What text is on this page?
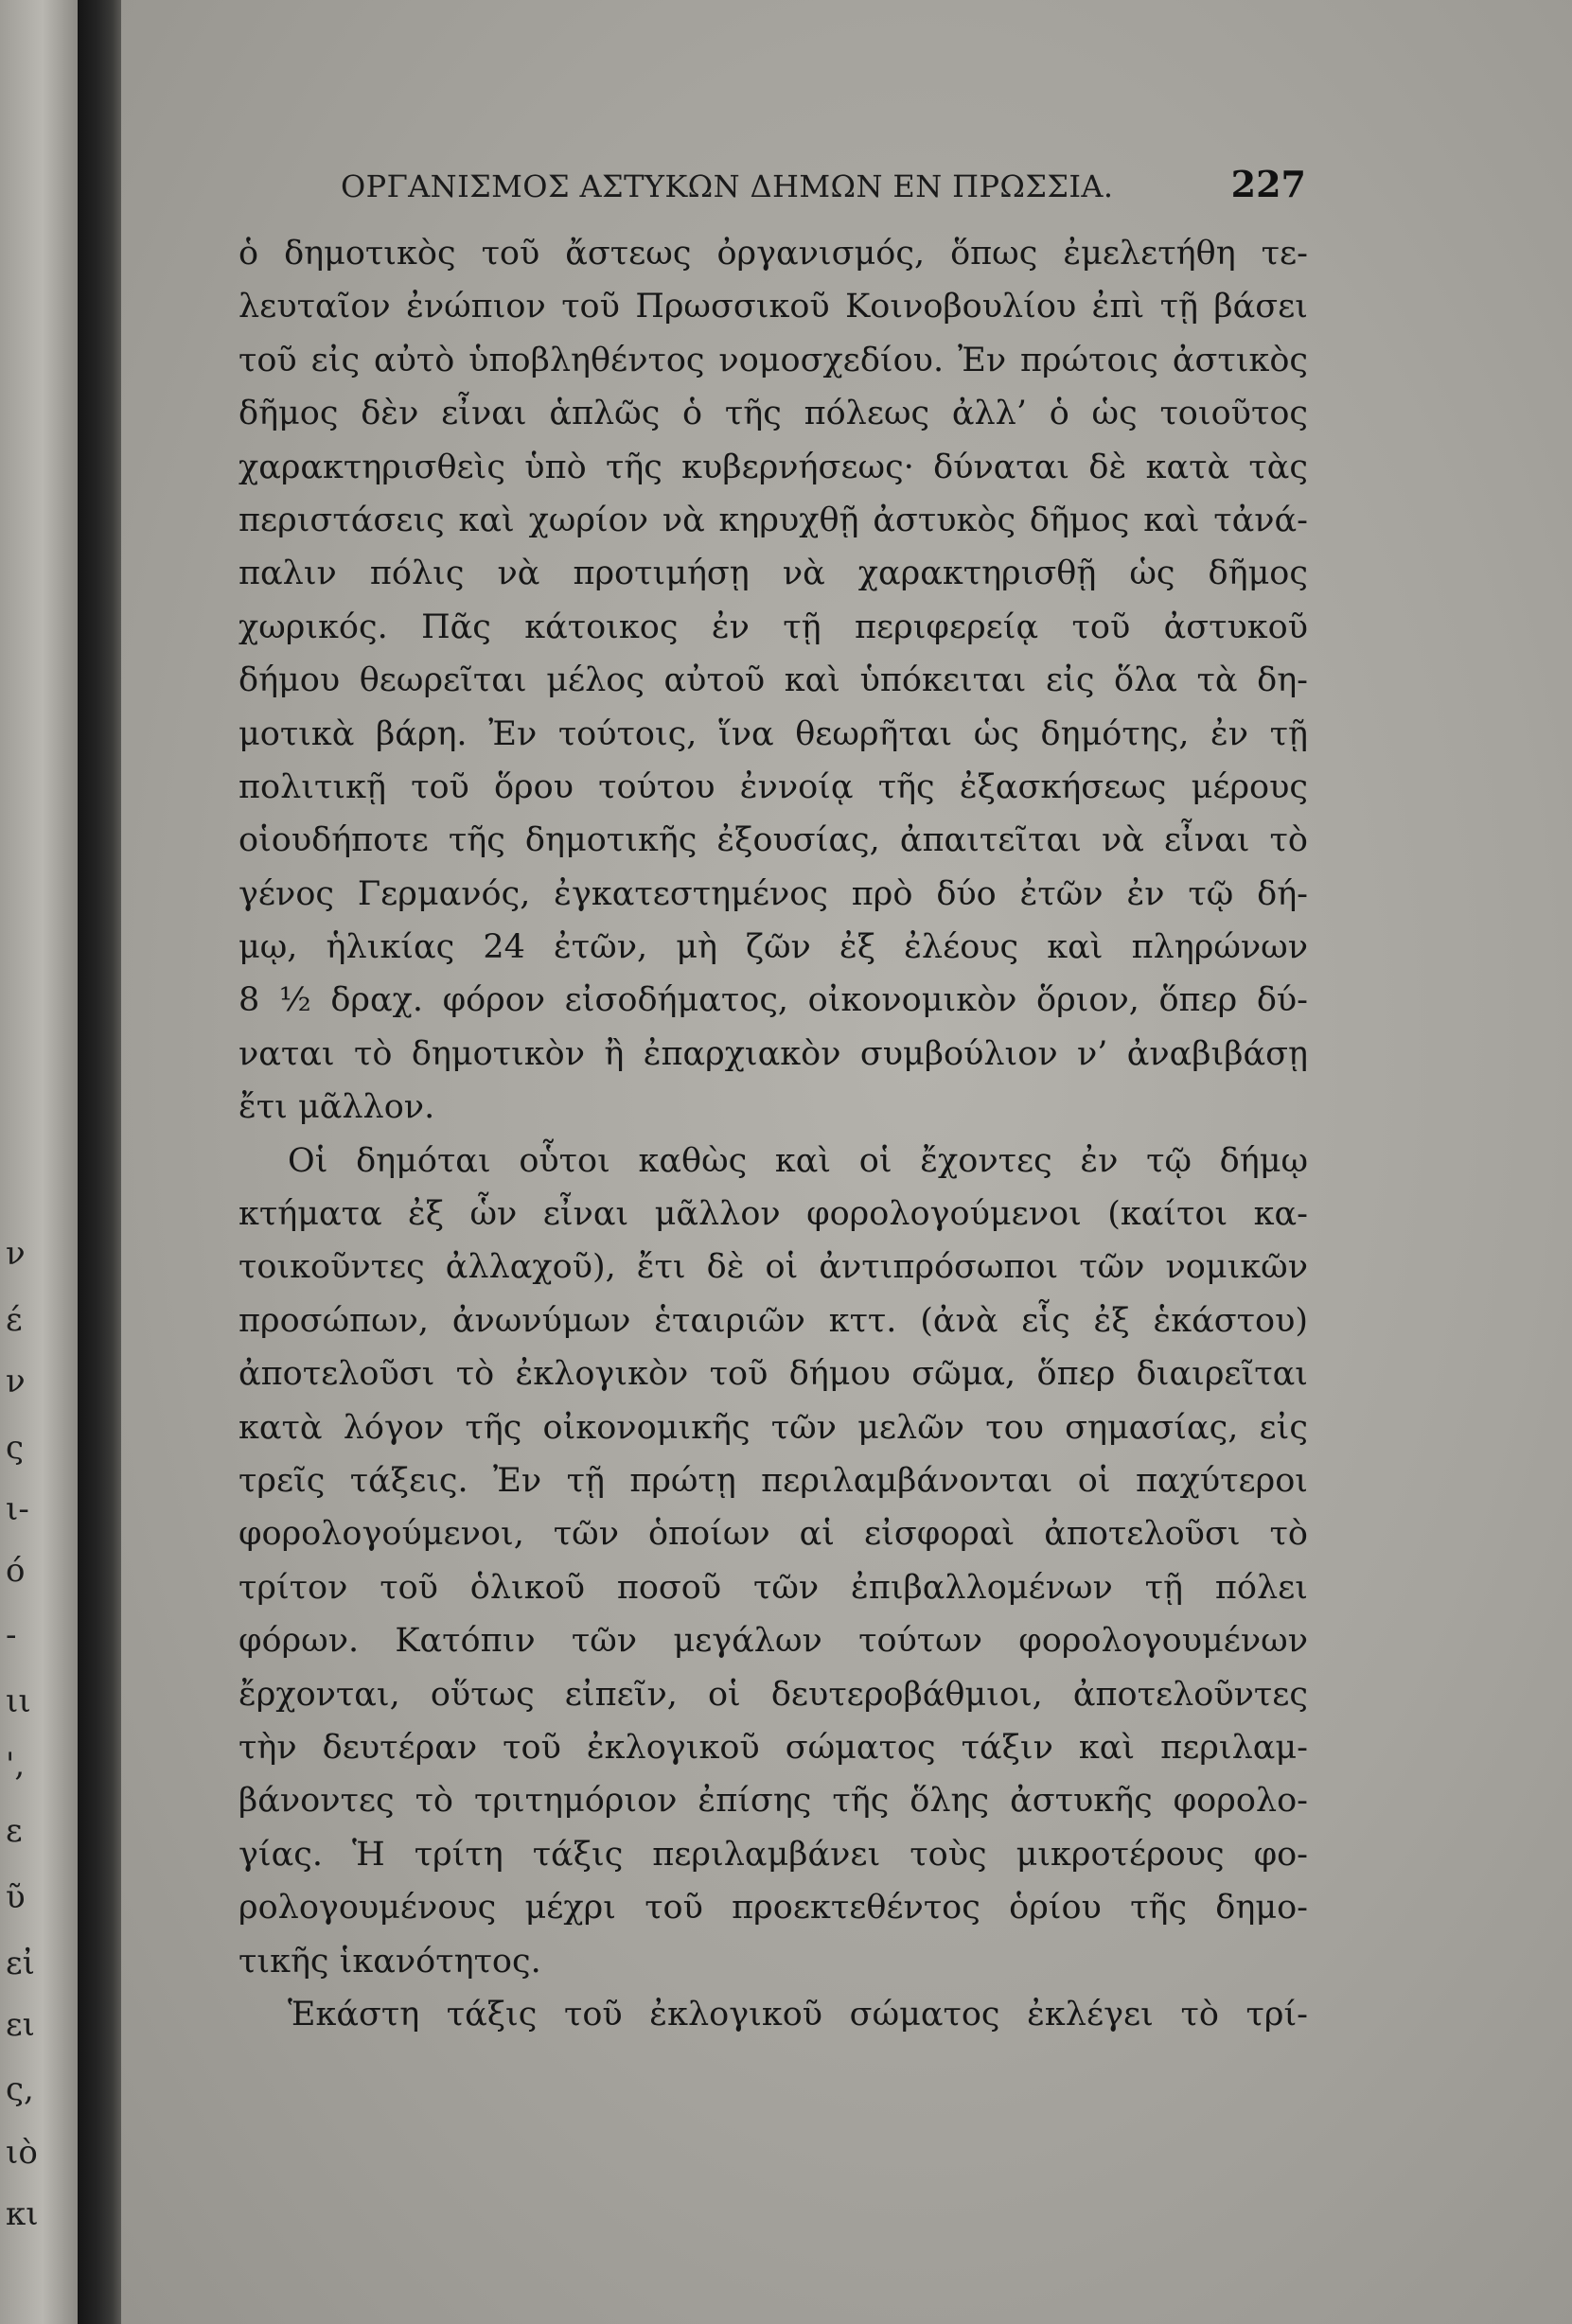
ν
έ
ν
ς
ι-
ό
-
ιι
',
ε
ῦ
εἰ
ει
ς,
ιὸ
κι
ΟΡΓΑΝΙΣΜΟΣ ΑΣΤΥΚΩΝ ΔΗΜΩΝ ΕΝ ΠΡΩΣΣΙΑ.	227
ὁ δημοτικὸς τοῦ ἄστεως ὀργανισμός, ὅπως ἐμελετήθη τε-
λευταῖον ἐνώπιον τοῦ Πρωσσικοῦ Κοινοβουλίου ἐπὶ τῇ βάσει
τοῦ εἰς αὐτὸ ὑποβληθέντος νομοσχεδίου. Ἐν πρώτοις ἀστικὸς
δῆμος δὲν εἶναι ἁπλῶς ὁ τῆς πόλεως ἀλλ’ ὁ ὡς τοιοῦτος
χαρακτηρισθεὶς ὑπὸ τῆς κυβερνήσεως· δύναται δὲ κατὰ τὰς
περιστάσεις καὶ χωρίον νὰ κηρυχθῇ ἀστυκὸς δῆμος καὶ τἀνά-
παλιν πόλις νὰ προτιμήσῃ νὰ χαρακτηρισθῇ ὡς δῆμος
χωρικός. Πᾶς κάτοικος ἐν τῇ περιφερείᾳ τοῦ ἀστυκοῦ
δήμου θεωρεῖται μέλος αὐτοῦ καὶ ὑπόκειται εἰς ὅλα τὰ δη-
μοτικὰ βάρη. Ἐν τούτοις, ἵνα θεωρῆται ὡς δημότης, ἐν τῇ
πολιτικῇ τοῦ ὅρου τούτου ἐννοίᾳ τῆς ἐξασκήσεως μέρους
οἱουδήποτε τῆς δημοτικῆς ἐξουσίας, ἀπαιτεῖται νὰ εἶναι τὸ
γένος Γερμανός, ἐγκατεστημένος πρὸ δύο ἐτῶν ἐν τῷ δή-
μῳ, ἡλικίας 24 ἐτῶν, μὴ ζῶν ἐξ ἐλέους καὶ πληρώνων
8 ½ δραχ. φόρον εἰσοδήματος, οἰκονομικὸν ὅριον, ὅπερ δύ-
ναται τὸ δημοτικὸν ἢ ἐπαρχιακὸν συμβούλιον ν’ ἀναβιβάσῃ
ἔτι μᾶλλον.
Οἱ δημόται οὗτοι καθὼς καὶ οἱ ἔχοντες ἐν τῷ δήμῳ
κτήματα ἐξ ὧν εἶναι μᾶλλον φορολογούμενοι (καίτοι κα-
τοικοῦντες ἀλλαχοῦ), ἔτι δὲ οἱ ἀντιπρόσωποι τῶν νομικῶν
προσώπων, ἀνωνύμων ἑταιριῶν κττ. (ἀνὰ εἷς ἐξ ἑκάστου)
ἀποτελοῦσι τὸ ἐκλογικὸν τοῦ δήμου σῶμα, ὅπερ διαιρεῖται
κατὰ λόγον τῆς οἰκονομικῆς τῶν μελῶν του σημασίας, εἰς
τρεῖς τάξεις. Ἐν τῇ πρώτῃ περιλαμβάνονται οἱ παχύτεροι
φορολογούμενοι, τῶν ὁποίων αἱ εἰσφοραὶ ἀποτελοῦσι τὸ
τρίτον τοῦ ὁλικοῦ ποσοῦ τῶν ἐπιβαλλομένων τῇ πόλει
φόρων. Κατόπιν τῶν μεγάλων τούτων φορολογουμένων
ἔρχονται, οὕτως εἰπεῖν, οἱ δευτεροβάθμιοι, ἀποτελοῦντες
τὴν δευτέραν τοῦ ἐκλογικοῦ σώματος τάξιν καὶ περιλαμ-
βάνοντες τὸ τριτημόριον ἐπίσης τῆς ὅλης ἀστυκῆς φορολο-
γίας. Ἡ τρίτη τάξις περιλαμβάνει τοὺς μικροτέρους φο-
ρολογουμένους μέχρι τοῦ προεκτεθέντος ὁρίου τῆς δημο-
τικῆς ἱκανότητος.
Ἑκάστη τάξις τοῦ ἐκλογικοῦ σώματος ἐκλέγει τὸ τρί-
